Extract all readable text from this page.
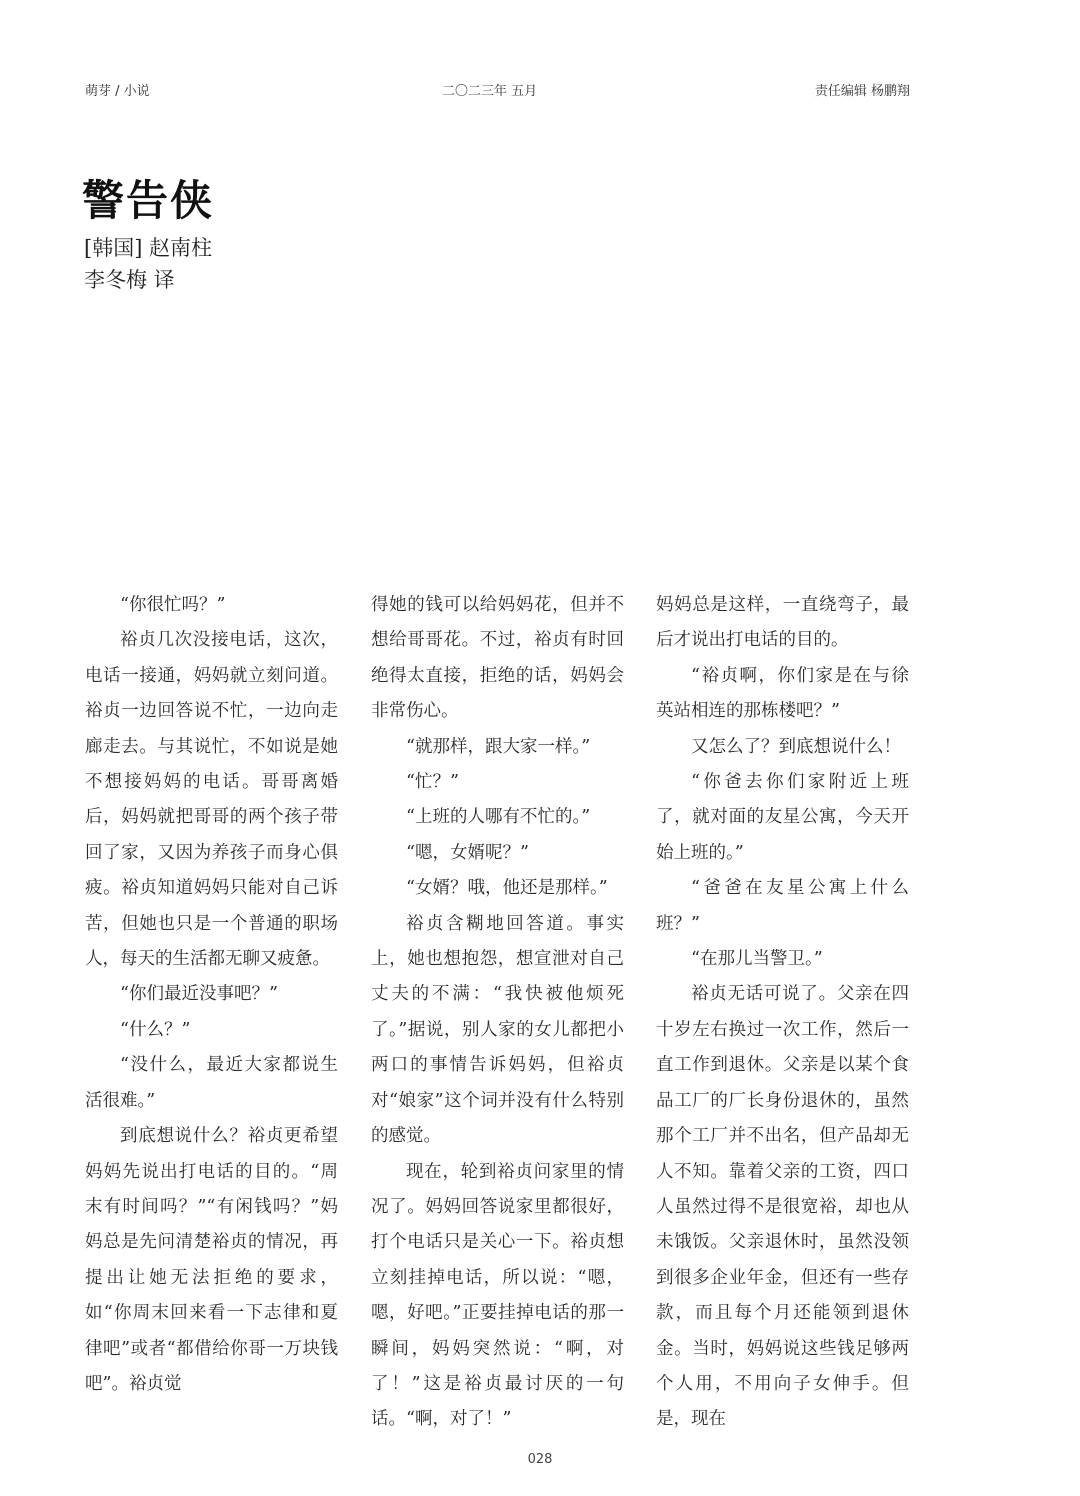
萌芽 / 小说	二〇二三年 五月	责任编辑 杨鹏翔
警告侠
[韩国] 赵南柱
李冬梅 译

“你很忙吗？”

裕贞几次没接电话，这次，电话一接通，妈妈就立刻问道。裕贞一边回答说不忙，一边向走廊走去。与其说忙，不如说是她不想接妈妈的电话。哥哥离婚后，妈妈就把哥哥的两个孩子带回了家，又因为养孩子而身心俱疲。裕贞知道妈妈只能对自己诉苦，但她也只是一个普通的职场人，每天的生活都无聊又疲惫。

“你们最近没事吧？”

“什么？”

“没什么，最近大家都说生活很难。”

到底想说什么？裕贞更希望妈妈先说出打电话的目的。“周末有时间吗？”“有闲钱吗？”妈妈总是先问清楚裕贞的情况，再提出让她无法拒绝的要求，如“你周末回来看一下志律和夏律吧”或者“都借给你哥一万块钱吧”。裕贞觉

得她的钱可以给妈妈花，但并不想给哥哥花。不过，裕贞有时回绝得太直接，拒绝的话，妈妈会非常伤心。

“就那样，跟大家一样。”

“忙？”

“上班的人哪有不忙的。”

“嗯，女婿呢？”

“女婿？哦，他还是那样。”

裕贞含糊地回答道。事实上，她也想抱怨，想宣泄对自己丈夫的不满：“我快被他烦死了。”据说，别人家的女儿都把小两口的事情告诉妈妈，但裕贞对“娘家”这个词并没有什么特别的感觉。

现在，轮到裕贞问家里的情况了。妈妈回答说家里都很好，打个电话只是关心一下。裕贞想立刻挂掉电话，所以说：“嗯，嗯，好吧。”正要挂掉电话的那一瞬间，妈妈突然说：“啊，对了！”这是裕贞最讨厌的一句话。“啊，对了！”

妈妈总是这样，一直绕弯子，最后才说出打电话的目的。

“裕贞啊，你们家是在与徐英站相连的那栋楼吧？”

又怎么了？到底想说什么！

“你爸去你们家附近上班了，就对面的友星公寓，今天开始上班的。”

“爸爸在友星公寓上什么班？”

“在那儿当警卫。”

裕贞无话可说了。父亲在四十岁左右换过一次工作，然后一直工作到退休。父亲是以某个食品工厂的厂长身份退休的，虽然那个工厂并不出名，但产品却无人不知。靠着父亲的工资，四口人虽然过得不是很宽裕，却也从未饿饭。父亲退休时，虽然没领到很多企业年金，但还有一些存款，而且每个月还能领到退休金。当时，妈妈说这些钱足够两个人用，不用向子女伸手。但是，现在

028
